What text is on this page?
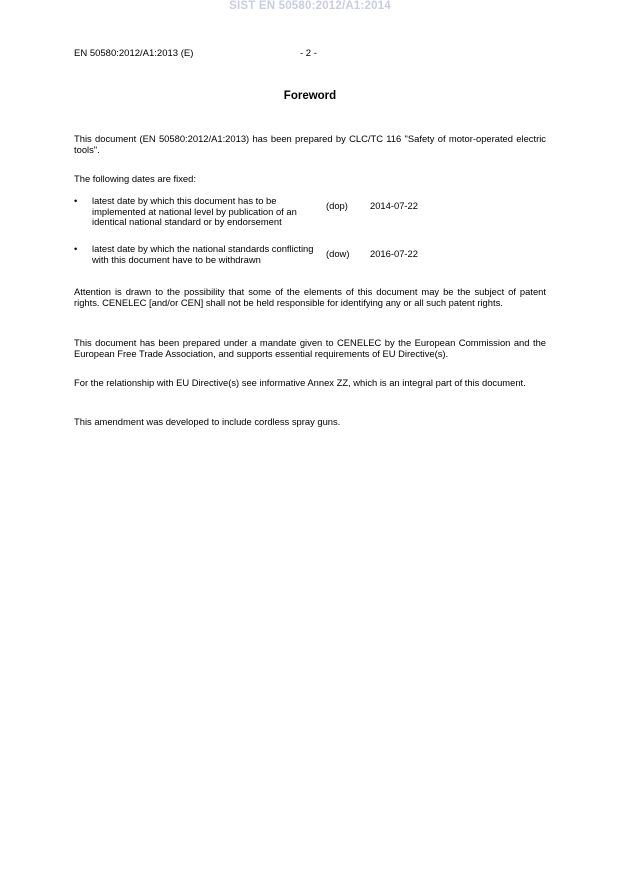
SIST EN 50580:2012/A1:2014
EN 50580:2012/A1:2013 (E)	- 2 -
Foreword

This document (EN 50580:2012/A1:2013) has been prepared by CLC/TC 116 "Safety of motor-operated electric tools".

The following dates are fixed:

• latest date by which this document has to be implemented at national level by publication of an identical national standard or by endorsement
(dop) 2014-07-22
• latest date by which the national standards conflicting with this document have to be withdrawn	(dow) 2016-07-22

Attention is drawn to the possibility that some of the elements of this document may be the subject of patent rights. CENELEC [and/or CEN] shall not be held responsible for identifying any or all such patent rights.

This document has been prepared under a mandate given to CENELEC by the European Commission and the European Free Trade Association, and supports essential requirements of EU Directive(s).

For the relationship with EU Directive(s) see informative Annex ZZ, which is an integral part of this document.

This amendment was developed to include cordless spray guns.
